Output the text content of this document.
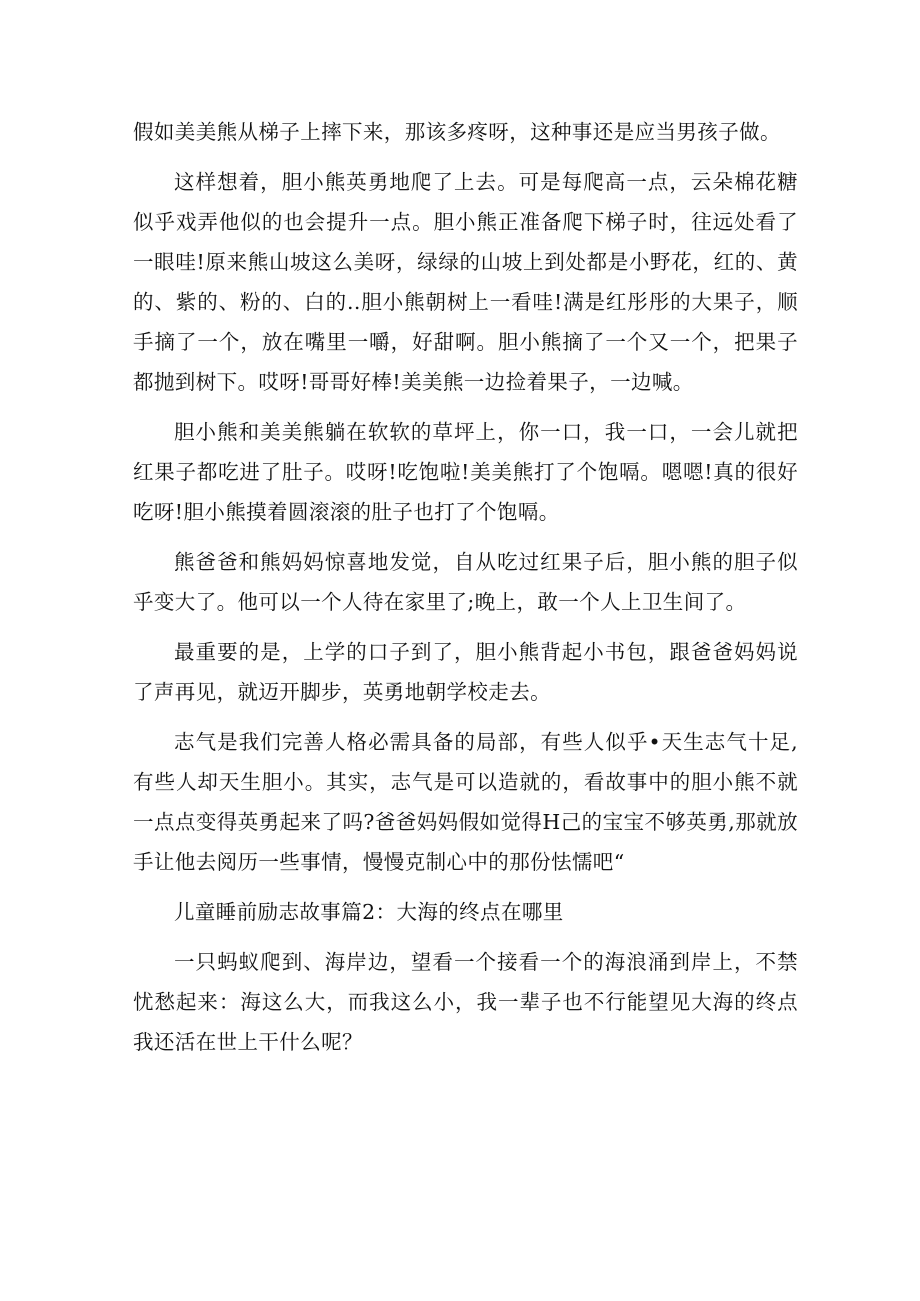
假如美美熊从梯子上摔下来，那该多疼呀，这种事还是应当男孩子做。

这样想着，胆小熊英勇地爬了上去。可是每爬高一点，云朵棉花糖似乎戏弄他似的也会提升一点。胆小熊正准备爬下梯子时，往远处看了一眼哇!原来熊山坡这么美呀，绿绿的山坡上到处都是小野花，红的、黄的、紫的、粉的、白的..胆小熊朝树上一看哇!满是红彤彤的大果子，顺手摘了一个，放在嘴里一嚼，好甜啊。胆小熊摘了一个又一个，把果子都抛到树下。哎呀!哥哥好棒!美美熊一边捡着果子，一边喊。

胆小熊和美美熊躺在软软的草坪上，你一口，我一口，一会儿就把红果子都吃进了肚子。哎呀!吃饱啦!美美熊打了个饱嗝。嗯嗯!真的很好吃呀!胆小熊摸着圆滚滚的肚子也打了个饱嗝。

熊爸爸和熊妈妈惊喜地发觉，自从吃过红果子后，胆小熊的胆子似乎变大了。他可以一个人待在家里了;晚上，敢一个人上卫生间了。

最重要的是，上学的口子到了，胆小熊背起小书包，跟爸爸妈妈说了声再见，就迈开脚步，英勇地朝学校走去。

志气是我们完善人格必需具备的局部，有些人似乎•天生志气十足,有些人却天生胆小。其实，志气是可以造就的，看故事中的胆小熊不就一点点变得英勇起来了吗?爸爸妈妈假如觉得H己的宝宝不够英勇,那就放手让他去阅历一些事情，慢慢克制心中的那份怯懦吧“

儿童睡前励志故事篇2：大海的终点在哪里

一只蚂蚁爬到、海岸边，望看一个接看一个的海浪涌到岸上，不禁忧愁起来：海这么大，而我这么小，我一辈子也不行能望见大海的终点我还活在世上干什么呢？
